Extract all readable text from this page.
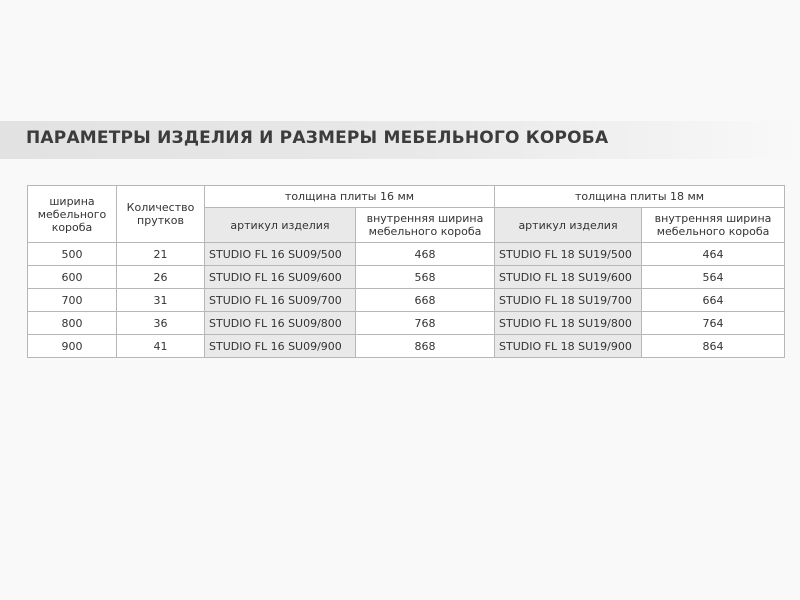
ПАРАМЕТРЫ ИЗДЕЛИЯ И РАЗМЕРЫ МЕБЕЛЬНОГО КОРОБА
ширина мебельного короба	Количество прутков	толщина плиты 16 мм		толщина плиты 18 мм	
		артикул изделия	внутренняя ширина мебельного короба	артикул изделия	внутренняя ширина мебельного короба
500	21	STUDIO FL 16 SU09/500	468	STUDIO FL 18 SU19/500	464
600	26	STUDIO FL 16 SU09/600	568	STUDIO FL 18 SU19/600	564
700	31	STUDIO FL 16 SU09/700	668	STUDIO FL 18 SU19/700	664
800	36	STUDIO FL 16 SU09/800	768	STUDIO FL 18 SU19/800	764
900	41	STUDIO FL 16 SU09/900	868	STUDIO FL 18 SU19/900	864
